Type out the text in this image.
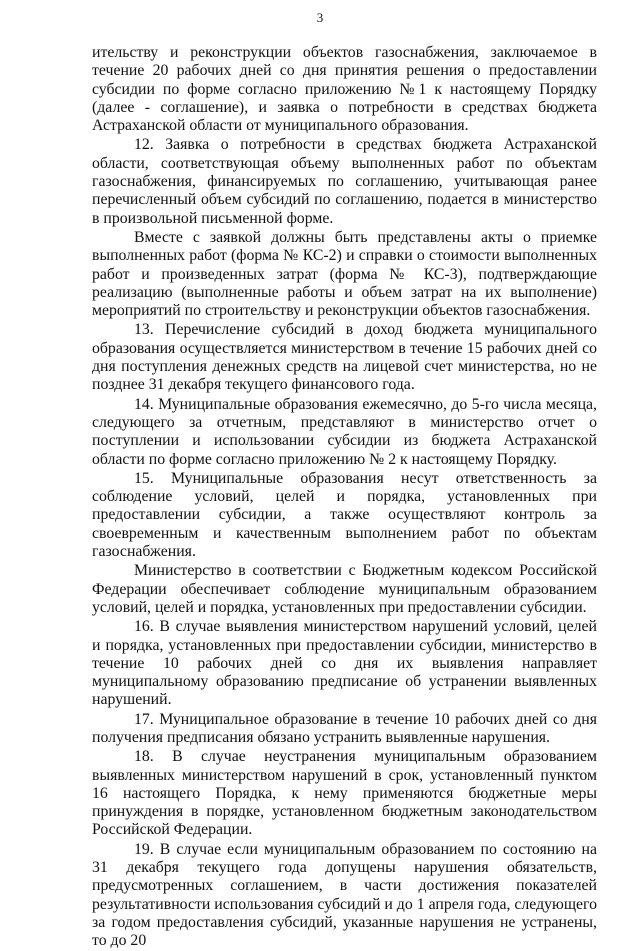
3

ительству и реконструкции объектов газоснабжения, заключаемое в течение 20 рабочих дней со дня принятия решения о предоставлении субсидии по форме согласно приложению №1 к настоящему Порядку (далее - соглашение), и заявка о потребности в средствах бюджета Астраханской области от муниципального образования.

12. Заявка о потребности в средствах бюджета Астраханской области, соответствующая объему выполненных работ по объектам газоснабжения, финансируемых по соглашению, учитывающая ранее перечисленный объем субсидий по соглашению, подается в министерство в произвольной письменной форме.

Вместе с заявкой должны быть представлены акты о приемке выполненных работ (форма № КС-2) и справки о стоимости выполненных работ и произведенных затрат (форма № КС-3), подтверждающие реализацию (выполненные работы и объем затрат на их выполнение) мероприятий по строительству и реконструкции объектов газоснабжения.

13. Перечисление субсидий в доход бюджета муниципального образования осуществляется министерством в течение 15 рабочих дней со дня поступления денежных средств на лицевой счет министерства, но не позднее 31 декабря текущего финансового года.

14. Муниципальные образования ежемесячно, до 5-го числа месяца, следующего за отчетным, представляют в министерство отчет о поступлении и использовании субсидии из бюджета Астраханской области по форме согласно приложению № 2 к настоящему Порядку.

15. Муниципальные образования несут ответственность за соблюдение условий, целей и порядка, установленных при предоставлении субсидии, а также осуществляют контроль за своевременным и качественным выполнением работ по объектам газоснабжения.

Министерство в соответствии с Бюджетным кодексом Российской Федерации обеспечивает соблюдение муниципальным образованием условий, целей и порядка, установленных при предоставлении субсидии.

16. В случае выявления министерством нарушений условий, целей и порядка, установленных при предоставлении субсидии, министерство в течение 10 рабочих дней со дня их выявления направляет муниципальному образованию предписание об устранении выявленных нарушений.

17. Муниципальное образование в течение 10 рабочих дней со дня получения предписания обязано устранить выявленные нарушения.

18. В случае неустранения муниципальным образованием выявленных министерством нарушений в срок, установленный пунктом 16 настоящего Порядка, к нему применяются бюджетные меры принуждения в порядке, установленном бюджетным законодательством Российской Федерации.

19. В случае если муниципальным образованием по состоянию на 31 декабря текущего года допущены нарушения обязательств, предусмотренных соглашением, в части достижения показателей результативности использования субсидий и до 1 апреля года, следующего за годом предоставления субсидий, указанные нарушения не устранены, то до 20
